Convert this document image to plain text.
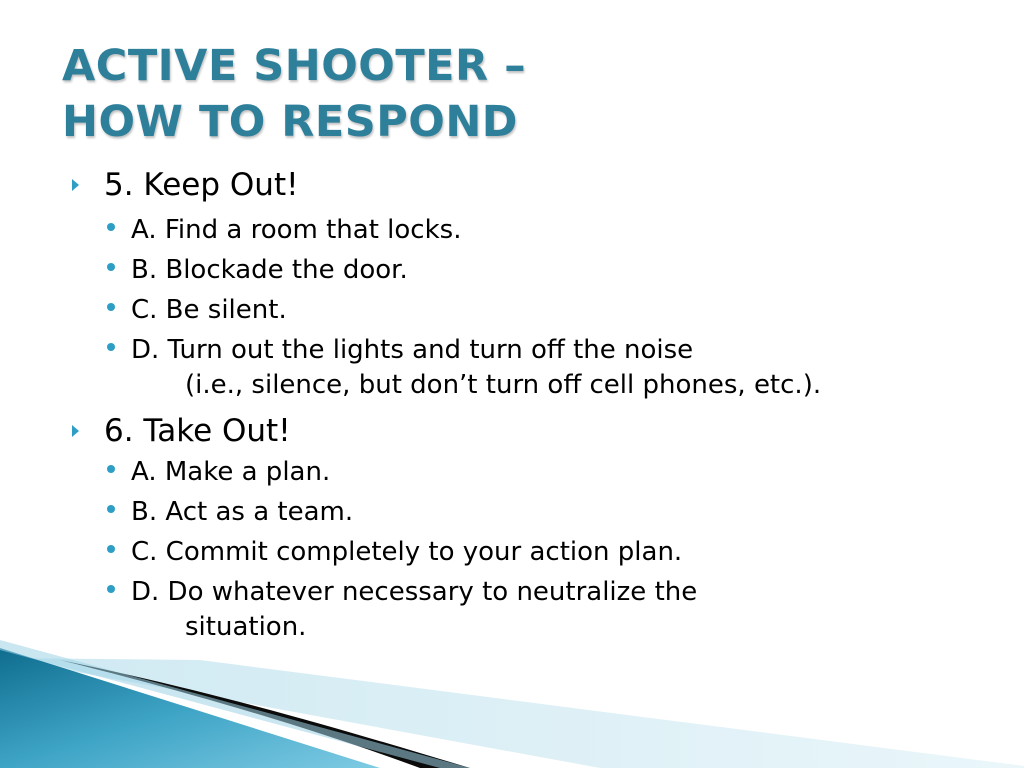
ACTIVE SHOOTER –
HOW TO RESPOND
5. Keep Out!
A. Find a room that locks.
B. Blockade the door.
C. Be silent.
D. Turn out the lights and turn off the noise
(i.e., silence, but don’t turn off cell phones, etc.).
6. Take Out!
A. Make a plan.
B. Act as a team.
C. Commit completely to your action plan.
D. Do whatever necessary to neutralize the
situation.
